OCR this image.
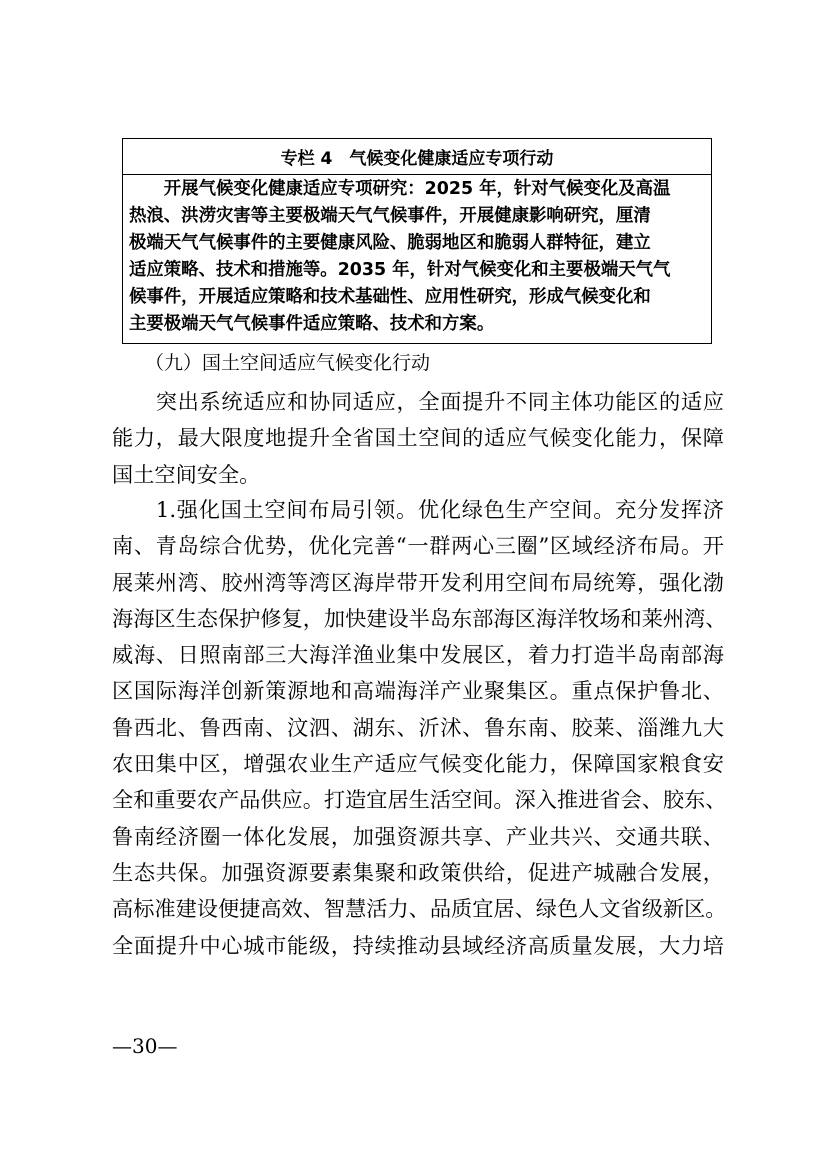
专栏 4　气候变化健康适应专项行动
　　开展气候变化健康适应专项研究：2025 年，针对气候变化及高温
热浪、洪涝灾害等主要极端天气气候事件，开展健康影响研究，厘清
极端天气气候事件的主要健康风险、脆弱地区和脆弱人群特征，建立
适应策略、技术和措施等。2035 年，针对气候变化和主要极端天气气
候事件，开展适应策略和技术基础性、应用性研究，形成气候变化和
主要极端天气气候事件适应策略、技术和方案。
（九）国土空间适应气候变化行动
　　突出系统适应和协同适应，全面提升不同主体功能区的适应
能力，最大限度地提升全省国土空间的适应气候变化能力，保障
国土空间安全。
　　1.强化国土空间布局引领。优化绿色生产空间。充分发挥济
南、青岛综合优势，优化完善“一群两心三圈”区域经济布局。开
展莱州湾、胶州湾等湾区海岸带开发利用空间布局统筹，强化渤
海海区生态保护修复，加快建设半岛东部海区海洋牧场和莱州湾、
威海、日照南部三大海洋渔业集中发展区，着力打造半岛南部海
区国际海洋创新策源地和高端海洋产业聚集区。重点保护鲁北、
鲁西北、鲁西南、汶泗、湖东、沂沭、鲁东南、胶莱、淄潍九大
农田集中区，增强农业生产适应气候变化能力，保障国家粮食安
全和重要农产品供应。打造宜居生活空间。深入推进省会、胶东、
鲁南经济圈一体化发展，加强资源共享、产业共兴、交通共联、
生态共保。加强资源要素集聚和政策供给，促进产城融合发展，
高标准建设便捷高效、智慧活力、品质宜居、绿色人文省级新区。
全面提升中心城市能级，持续推动县域经济高质量发展，大力培
—30—
